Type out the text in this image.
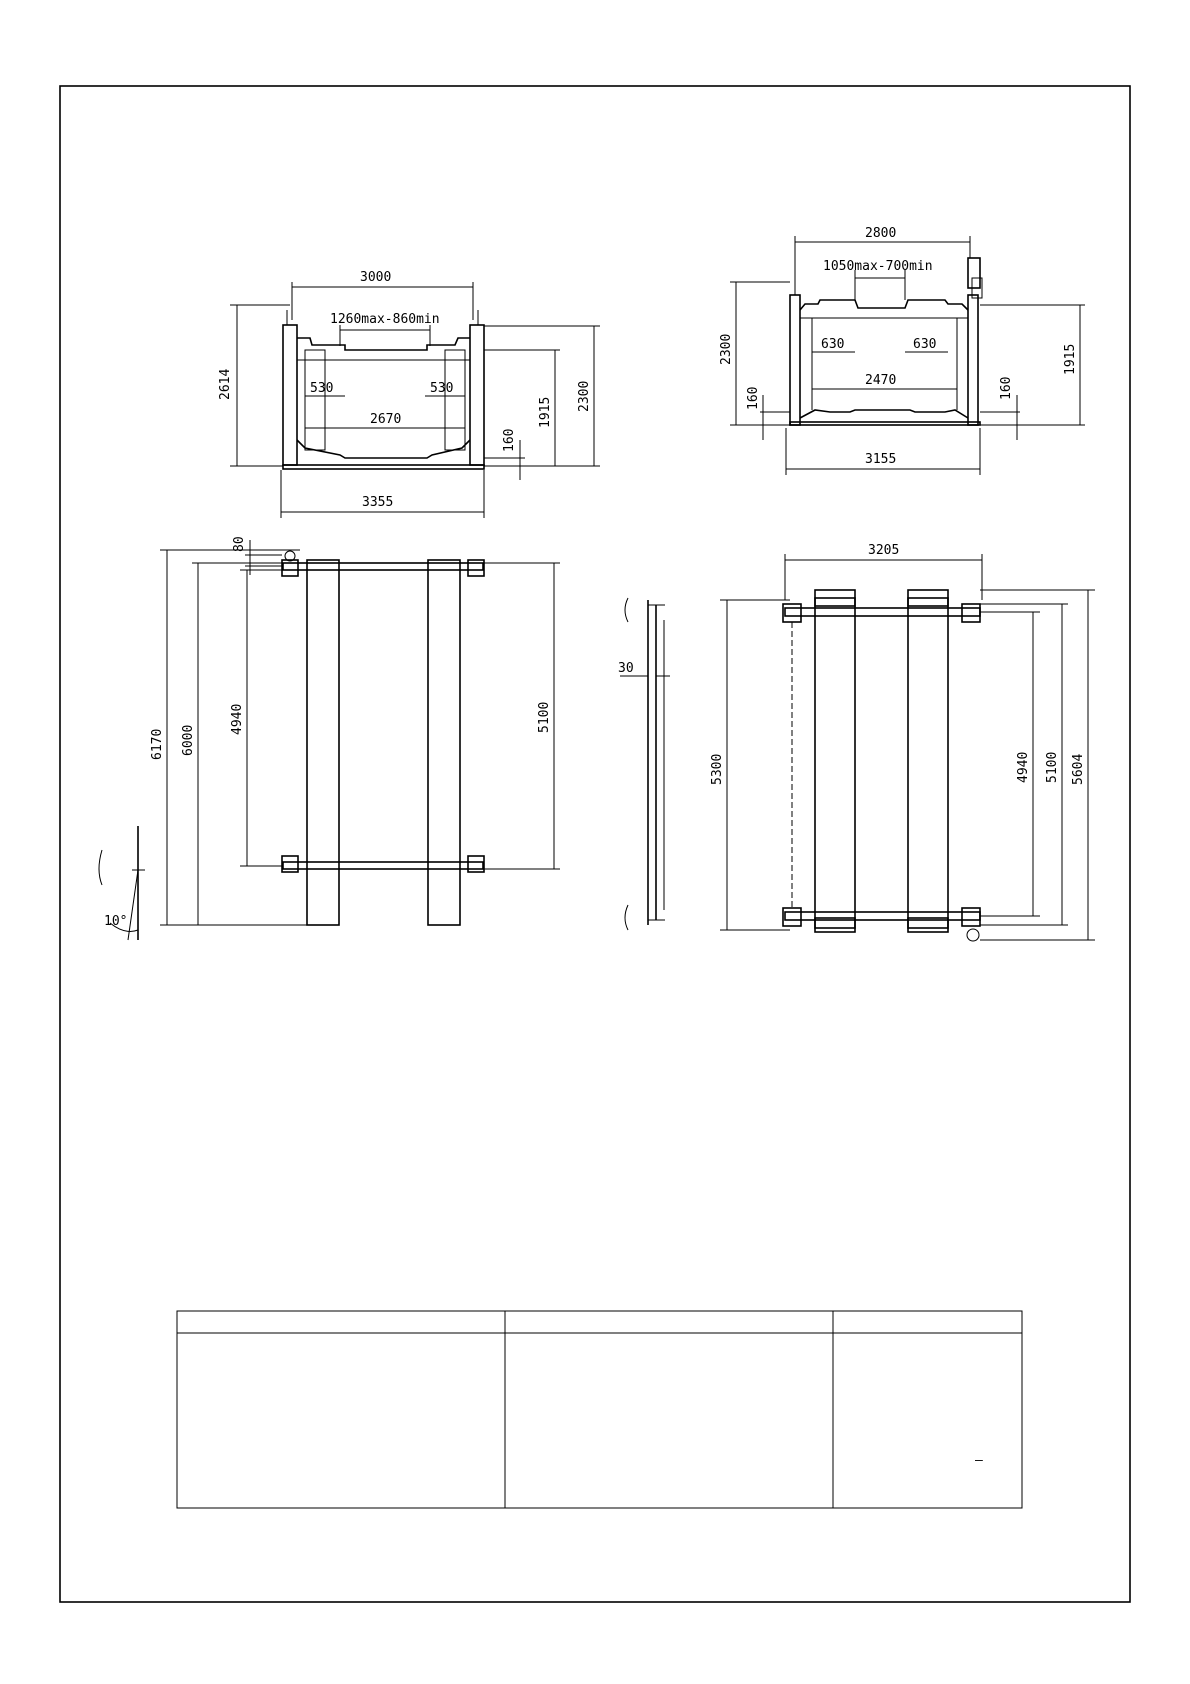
3000
1260max-860min
530	530
2670
3355
2614	2300
1915
160
2800
1050max-700min
630	630
2470
3155
2300
160
1915
160
6170 6000
4940
80
5100
10°
30
3205
5300	4940 5100 5604
–
